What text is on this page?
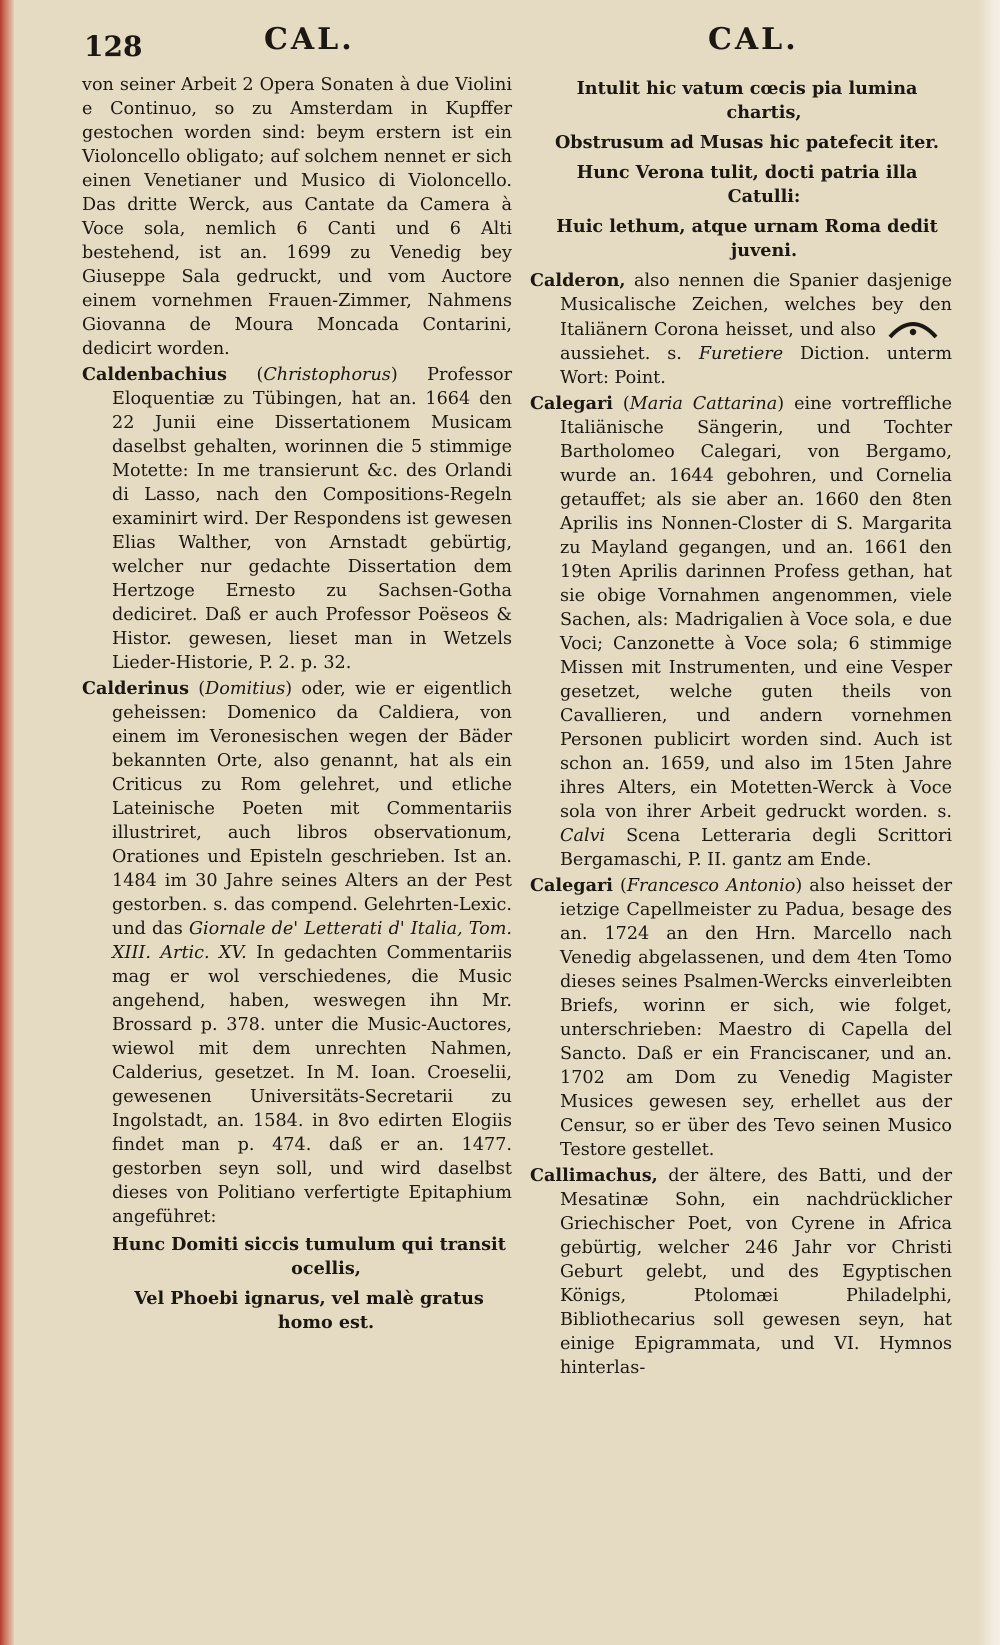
128	CAL.	CAL.

von seiner Arbeit 2 Opera Sonaten à due Violini e Continuo, so zu Amsterdam in Kupffer gestochen worden sind: beym erstern ist ein Violoncello obligato; auf solchem nennet er sich einen Venetianer und Musico di Violoncello. Das dritte Werck, aus Cantate da Camera à Voce sola, nemlich 6 Canti und 6 Alti bestehend, ist an. 1699 zu Venedig bey Giuseppe Sala gedruckt, und vom Auctore einem vornehmen Frauen-Zimmer, Nahmens Giovanna de Moura Moncada Contarini, dedicirt worden.

Caldenbachius (Christophorus) Professor Eloquentiæ zu Tübingen, hat an. 1664 den 22 Junii eine Dissertationem Musicam daselbst gehalten, worinnen die 5 stimmige Motette: In me transierunt &c. des Orlandi di Lasso, nach den Compositions-Regeln examinirt wird. Der Respondens ist gewesen Elias Walther, von Arnstadt gebürtig, welcher nur gedachte Dissertation dem Hertzoge Ernesto zu Sachsen-Gotha dediciret. Daß er auch Professor Poëseos & Histor. gewesen, lieset man in Wetzels Lieder-Historie, P. 2. p. 32.

Calderinus (Domitius) oder, wie er eigentlich geheissen: Domenico da Caldiera, von einem im Veronesischen wegen der Bäder bekannten Orte, also genannt, hat als ein Criticus zu Rom gelehret, und etliche Lateinische Poeten mit Commentariis illustriret, auch libros observationum, Orationes und Episteln geschrieben. Ist an. 1484 im 30 Jahre seines Alters an der Pest gestorben. s. das compend. Gelehrten-Lexic. und das Giornale de' Letterati d' Italia, Tom. XIII. Artic. XV. In gedachten Commentariis mag er wol verschiedenes, die Music angehend, haben, weswegen ihn Mr. Brossard p. 378. unter die Music-Auctores, wiewol mit dem unrechten Nahmen, Calderius, gesetzet. In M. Ioan. Croeselii, gewesenen Universitäts-Secretarii zu Ingolstadt, an. 1584. in 8vo edirten Elogiis findet man p. 474. daß er an. 1477. gestorben seyn soll, und wird daselbst dieses von Politiano verfertigte Epitaphium angeführet:

Hunc Domiti siccis tumulum qui transit ocellis,

Vel Phoebi ignarus, vel malè gratus homo est.

Intulit hic vatum cœcis pia lumina chartis,

Obstrusum ad Musas hic patefecit iter.

Hunc Verona tulit, docti patria illa Catulli:

Huic lethum, atque urnam Roma dedit juveni.

Calderon, also nennen die Spanier dasjenige Musicalische Zeichen, welches bey den Italiänern Corona heisset, und alsoaussiehet. s. Furetiere Diction. unterm Wort: Point.

Calegari (Maria Cattarina) eine vortreffliche Italiänische Sängerin, und Tochter Bartholomeo Calegari, von Bergamo, wurde an. 1644 gebohren, und Cornelia getauffet; als sie aber an. 1660 den 8ten Aprilis ins Nonnen-Closter di S. Margarita zu Mayland gegangen, und an. 1661 den 19ten Aprilis darinnen Profess gethan, hat sie obige Vornahmen angenommen, viele Sachen, als: Madrigalien à Voce sola, e due Voci; Canzonette à Voce sola; 6 stimmige Missen mit Instrumenten, und eine Vesper gesetzet, welche guten theils von Cavallieren, und andern vornehmen Personen publicirt worden sind. Auch ist schon an. 1659, und also im 15ten Jahre ihres Alters, ein Motetten-Werck à Voce sola von ihrer Arbeit gedruckt worden. s. Calvi Scena Letteraria degli Scrittori Bergamaschi, P. II. gantz am Ende.

Calegari (Francesco Antonio) also heisset der ietzige Capellmeister zu Padua, besage des an. 1724 an den Hrn. Marcello nach Venedig abgelassenen, und dem 4ten Tomo dieses seines Psalmen-Wercks einverleibten Briefs, worinn er sich, wie folget, unterschrieben: Maestro di Capella del Sancto. Daß er ein Franciscaner, und an. 1702 am Dom zu Venedig Magister Musices gewesen sey, erhellet aus der Censur, so er über des Tevo seinen Musico Testore gestellet.

Callimachus, der ältere, des Batti, und der Mesatinæ Sohn, ein nachdrücklicher Griechischer Poet, von Cyrene in Africa gebürtig, welcher 246 Jahr vor Christi Geburt gelebt, und des Egyptischen Königs, Ptolomæi Philadelphi, Bibliothecarius soll gewesen seyn, hat einige Epigrammata, und VI. Hymnos hinterlas-
